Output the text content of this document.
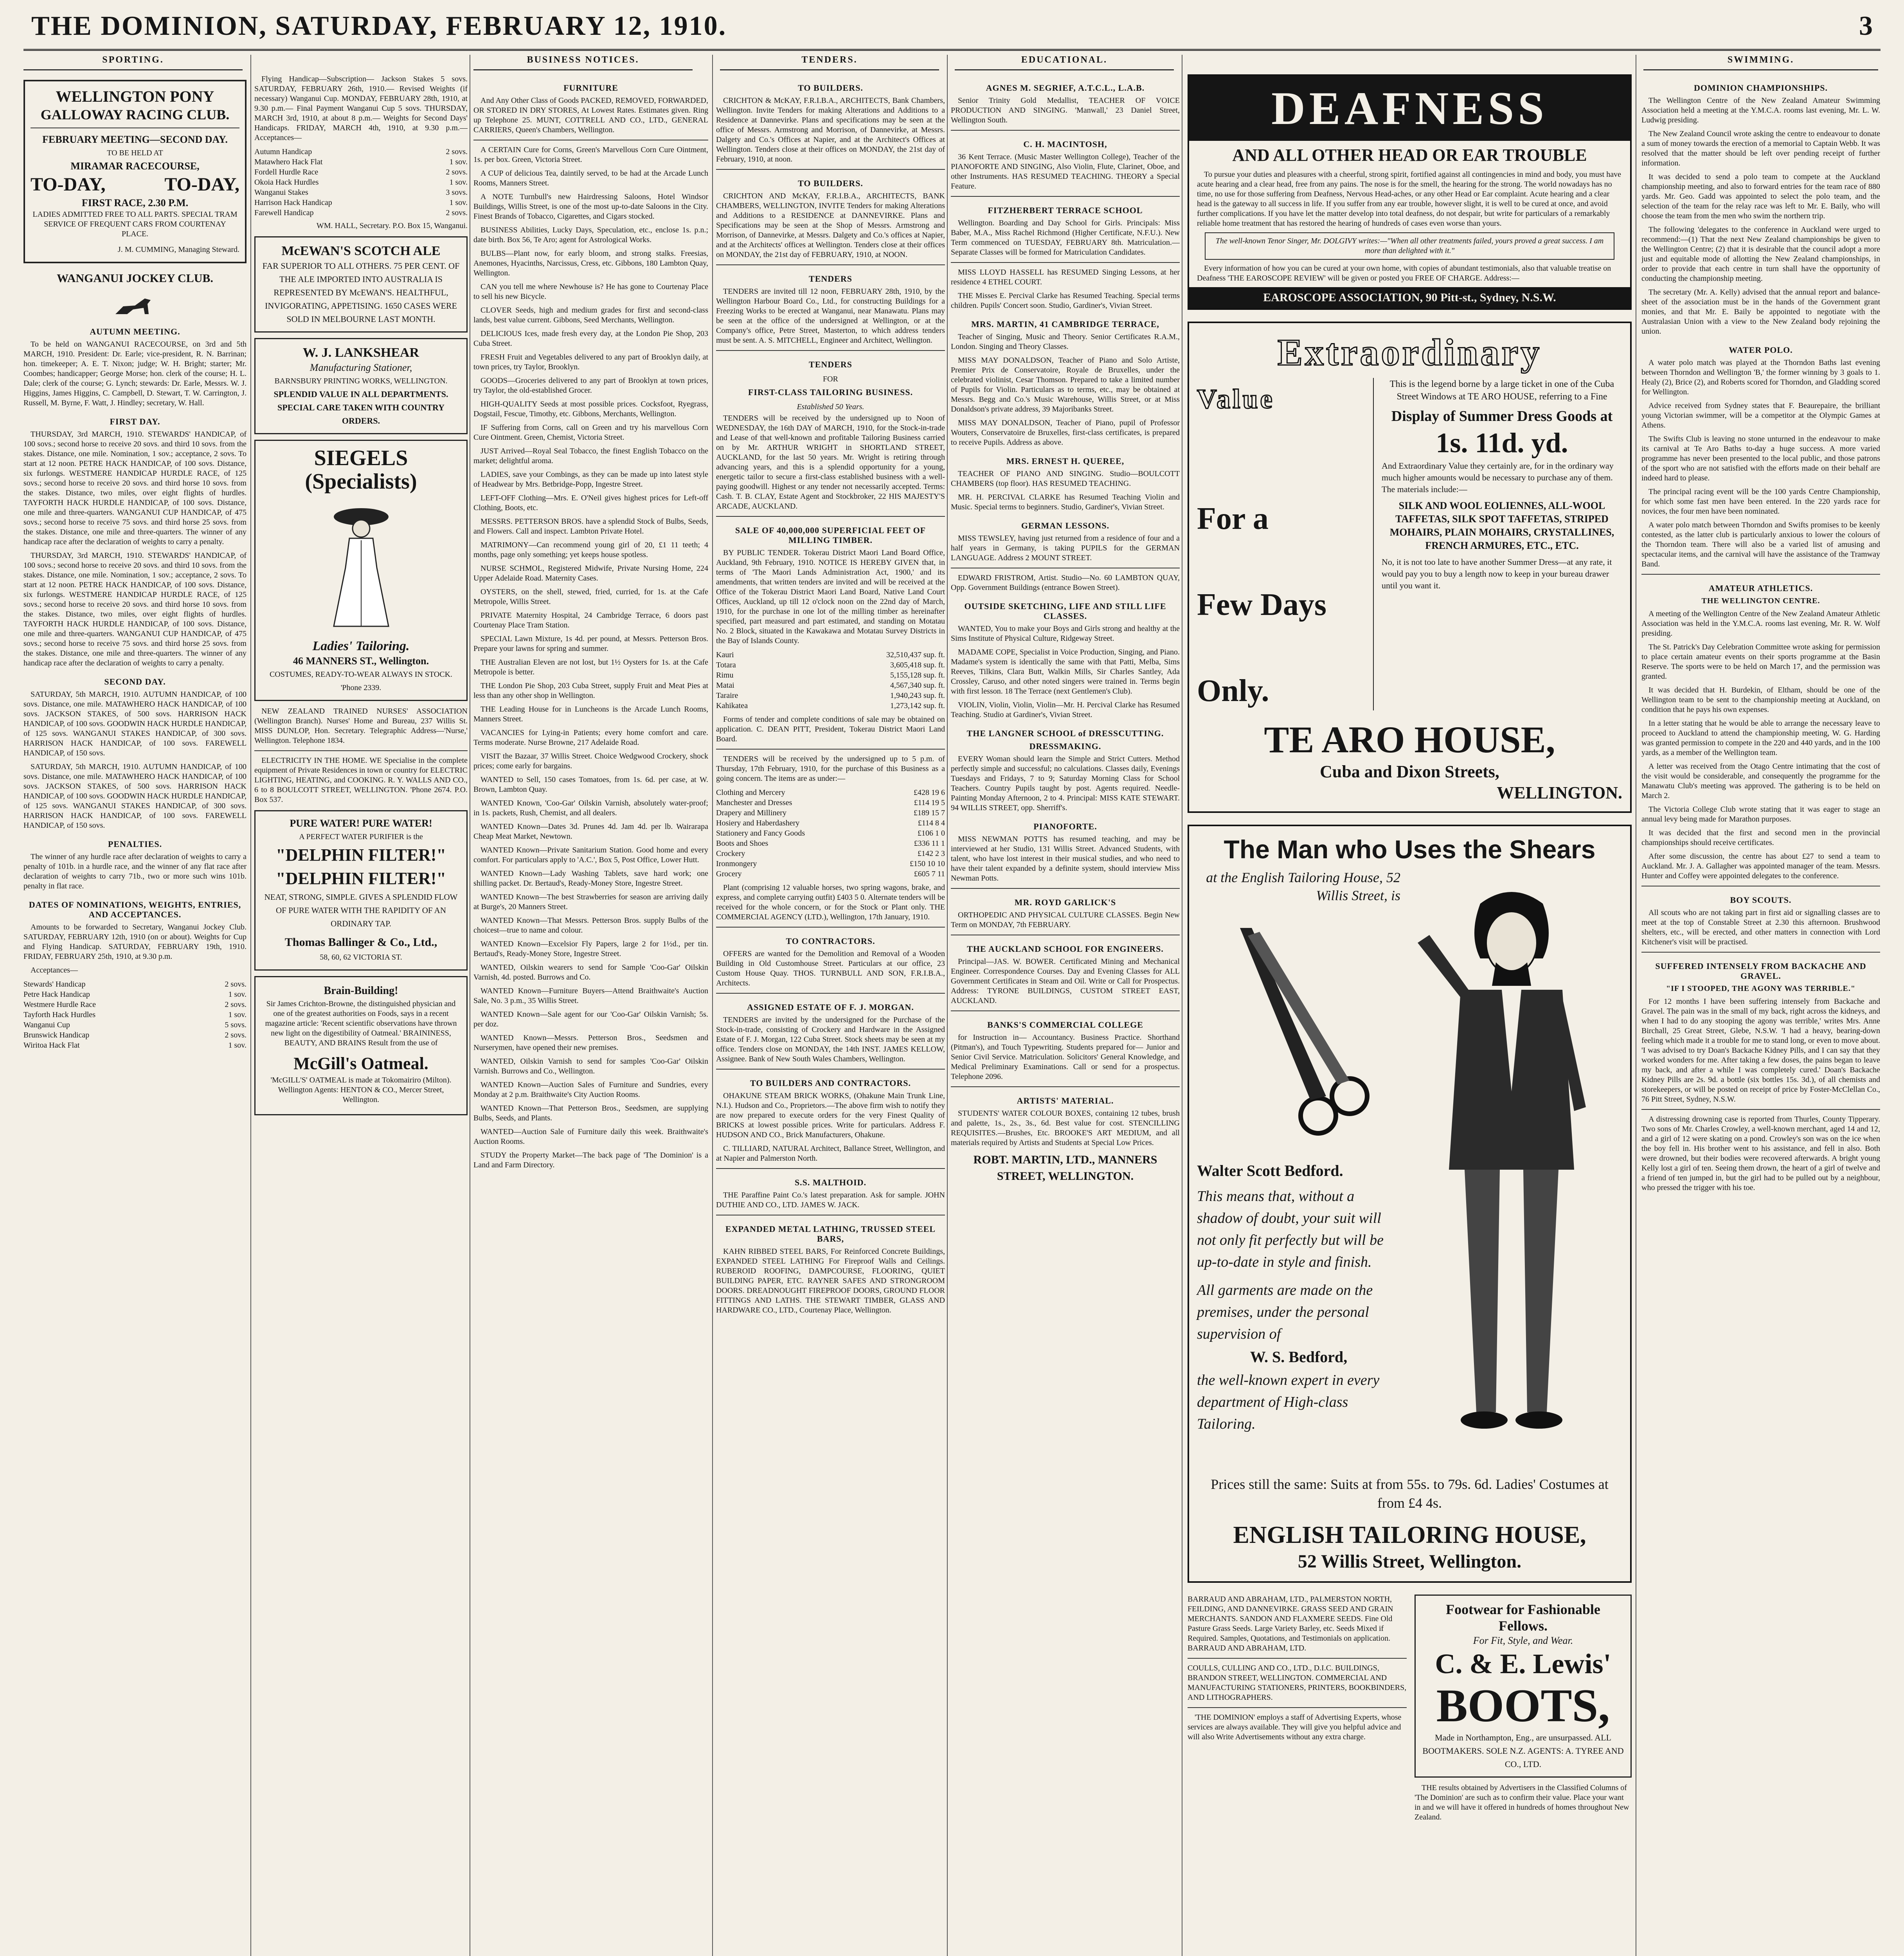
THE DOMINION, SATURDAY, FEBRUARY 12, 1910.	3
SPORTING.	BUSINESS NOTICES.	TENDERS.	EDUCATIONAL.	SWIMMING.
WELLINGTON PONY
GALLOWAY RACING CLUB.
FEBRUARY MEETING—SECOND DAY.
TO BE HELD AT
MIRAMAR RACECOURSE,
TO-DAY,	TO-DAY,
FIRST RACE, 2.30 P.M.

LADIES ADMITTED FREE TO ALL PARTS. SPECIAL TRAM SERVICE OF FREQUENT CARS FROM COURTENAY PLACE.

J. M. CUMMING, Managing Steward.
WANGANUI JOCKEY CLUB.
AUTUMN MEETING.

To be held on WANGANUI RACECOURSE, on 3rd and 5th MARCH, 1910. President: Dr. Earle; vice-president, R. N. Barrinan; hon. timekeeper; A. E. T. Nixon; judge; W. H. Bright; starter; Mr. Coombes; handicapper; George Morse; hon. clerk of the course; H. L. Dale; clerk of the course; G. Lynch; stewards: Dr. Earle, Messrs. W. J. Higgins, James Higgins, C. Campbell, D. Stewart, T. W. Carrington, J. Russell, M. Byrne, F. Watt, J. Hindley; secretary, W. Hall.

FIRST DAY.

THURSDAY, 3rd MARCH, 1910. STEWARDS' HANDICAP, of 100 sovs.; second horse to receive 20 sovs. and third 10 sovs. from the stakes. Distance, one mile. Nomination, 1 sov.; acceptance, 2 sovs. To start at 12 noon. PETRE HACK HANDICAP, of 100 sovs. Distance, six furlongs. WESTMERE HANDICAP HURDLE RACE, of 125 sovs.; second horse to receive 20 sovs. and third horse 10 sovs. from the stakes. Distance, two miles, over eight flights of hurdles. TAYFORTH HACK HURDLE HANDICAP, of 100 sovs. Distance, one mile and three-quarters. WANGANUI CUP HANDICAP, of 475 sovs.; second horse to receive 75 sovs. and third horse 25 sovs. from the stakes. Distance, one mile and three-quarters. The winner of any handicap race after the declaration of weights to carry a penalty.

THURSDAY, 3rd MARCH, 1910. STEWARDS' HANDICAP, of 100 sovs.; second horse to receive 20 sovs. and third 10 sovs. from the stakes. Distance, one mile. Nomination, 1 sov.; acceptance, 2 sovs. To start at 12 noon. PETRE HACK HANDICAP, of 100 sovs. Distance, six furlongs. WESTMERE HANDICAP HURDLE RACE, of 125 sovs.; second horse to receive 20 sovs. and third horse 10 sovs. from the stakes. Distance, two miles, over eight flights of hurdles. TAYFORTH HACK HURDLE HANDICAP, of 100 sovs. Distance, one mile and three-quarters. WANGANUI CUP HANDICAP, of 475 sovs.; second horse to receive 75 sovs. and third horse 25 sovs. from the stakes. Distance, one mile and three-quarters. The winner of any handicap race after the declaration of weights to carry a penalty.

SECOND DAY.

SATURDAY, 5th MARCH, 1910. AUTUMN HANDICAP, of 100 sovs. Distance, one mile. MATAWHERO HACK HANDICAP, of 100 sovs. JACKSON STAKES, of 500 sovs. HARRISON HACK HANDICAP, of 100 sovs. GOODWIN HACK HURDLE HANDICAP, of 125 sovs. WANGANUI STAKES HANDICAP, of 300 sovs. HARRISON HACK HANDICAP, of 100 sovs. FAREWELL HANDICAP, of 150 sovs.

SATURDAY, 5th MARCH, 1910. AUTUMN HANDICAP, of 100 sovs. Distance, one mile. MATAWHERO HACK HANDICAP, of 100 sovs. JACKSON STAKES, of 500 sovs. HARRISON HACK HANDICAP, of 100 sovs. GOODWIN HACK HURDLE HANDICAP, of 125 sovs. WANGANUI STAKES HANDICAP, of 300 sovs. HARRISON HACK HANDICAP, of 100 sovs. FAREWELL HANDICAP, of 150 sovs.

PENALTIES.

The winner of any hurdle race after declaration of weights to carry a penalty of 101b. in a hurdle race, and the winner of any flat race after declaration of weights to carry 71b., two or more such wins 101b. penalty in flat race.

DATES OF NOMINATIONS, WEIGHTS, ENTRIES, AND ACCEPTANCES.

Amounts to be forwarded to Secretary, Wanganui Jockey Club. SATURDAY, FEBRUARY 12th, 1910 (on or about). Weights for Cup and Flying Handicap. SATURDAY, FEBRUARY 19th, 1910. FRIDAY, FEBRUARY 25th, 1910, at 9.30 p.m.

Acceptances—

Stewards' Handicap	2 sovs.
Petre Hack Handicap	1 sov.
Westmere Hurdle Race	2 sovs.
Tayforth Hack Hurdles	1 sov.
Wanganui Cup	5 sovs.
Brunswick Handicap	2 sovs.
Wiritoa Hack Flat	1 sov.

Flying Handicap—Subscription— Jackson Stakes 5 sovs. SATURDAY, FEBRUARY 26th, 1910.— Revised Weights (if necessary) Wanganui Cup. MONDAY, FEBRUARY 28th, 1910, at 9.30 p.m.— Final Payment Wanganui Cup 5 sovs. THURSDAY, MARCH 3rd, 1910, at about 8 p.m.— Weights for Second Days' Handicaps. FRIDAY, MARCH 4th, 1910, at 9.30 p.m.— Acceptances—

Autumn Handicap	2 sovs.
Matawhero Hack Flat	1 sov.
Fordell Hurdle Race	2 sovs.
Okoia Hack Hurdles	1 sov.
Wanganui Stakes	3 sovs.
Harrison Hack Handicap	1 sov.
Farewell Handicap	2 sovs.

WM. HALL, Secretary. P.O. Box 15, Wanganui.

McEWAN'S SCOTCH ALE
FAR SUPERIOR TO ALL OTHERS. 75 PER CENT. OF THE ALE IMPORTED INTO AUSTRALIA IS REPRESENTED BY McEWAN'S. HEALTHFUL, INVIGORATING, APPETISING. 1650 CASES WERE SOLD IN MELBOURNE LAST MONTH.
W. J. LANKSHEAR
Manufacturing Stationer,
BARNSBURY PRINTING WORKS, WELLINGTON.
SPLENDID VALUE IN ALL DEPARTMENTS. SPECIAL CARE TAKEN WITH COUNTRY ORDERS.
SIEGELS (Specialists)
Ladies' Tailoring.
46 MANNERS ST., Wellington.
COSTUMES, READY-TO-WEAR ALWAYS IN STOCK. 'Phone 2339.

NEW ZEALAND TRAINED NURSES' ASSOCIATION (Wellington Branch). Nurses' Home and Bureau, 237 Willis St. MISS DUNLOP, Hon. Secretary. Telegraphic Address—'Nurse,' Wellington. Telephone 1834.

ELECTRICITY IN THE HOME. WE Specialise in the complete equipment of Private Residences in town or country for ELECTRIC LIGHTING, HEATING, and COOKING. R. Y. WALLS AND CO., 6 to 8 BOULCOTT STREET, WELLINGTON. 'Phone 2674. P.O. Box 537.

PURE WATER! PURE WATER!
A PERFECT WATER PURIFIER is the
"DELPHIN FILTER!"
"DELPHIN FILTER!"
NEAT, STRONG, SIMPLE. GIVES A SPLENDID FLOW OF PURE WATER WITH THE RAPIDITY OF AN ORDINARY TAP.
Thomas Ballinger & Co., Ltd.,
58, 60, 62 VICTORIA ST.
Brain-Building!

Sir James Crichton-Browne, the distinguished physician and one of the greatest authorities on Foods, says in a recent magazine article: 'Recent scientific observations have thrown new light on the digestibility of Oatmeal.' BRAININESS, BEAUTY, AND BRAINS Result from the use of

McGill's Oatmeal.

'McGILL'S' OATMEAL is made at Tokomairiro (Milton). Wellington Agents: HENTON & CO., Mercer Street, Wellington.

FURNITURE

And Any Other Class of Goods PACKED, REMOVED, FORWARDED, OR STORED IN DRY STORES, At Lowest Rates. Estimates given. Ring up Telephone 25. MUNT, COTTRELL AND CO., LTD., GENERAL CARRIERS, Queen's Chambers, Wellington.

A CERTAIN Cure for Corns, Green's Marvellous Corn Cure Ointment, 1s. per box. Green, Victoria Street.

A CUP of delicious Tea, daintily served, to be had at the Arcade Lunch Rooms, Manners Street.

A NOTE Turnbull's new Hairdressing Saloons, Hotel Windsor Buildings, Willis Street, is one of the most up-to-date Saloons in the City. Finest Brands of Tobacco, Cigarettes, and Cigars stocked.

BUSINESS Abilities, Lucky Days, Speculation, etc., enclose 1s. p.n.; date birth. Box 56, Te Aro; agent for Astrological Works.

BULBS—Plant now, for early bloom, and strong stalks. Freesias, Anemones, Hyacinths, Narcissus, Cress, etc. Gibbons, 180 Lambton Quay, Wellington.

CAN you tell me where Newhouse is? He has gone to Courtenay Place to sell his new Bicycle.

CLOVER Seeds, high and medium grades for first and second-class lands, best value current. Gibbons, Seed Merchants, Wellington.

DELICIOUS Ices, made fresh every day, at the London Pie Shop, 203 Cuba Street.

FRESH Fruit and Vegetables delivered to any part of Brooklyn daily, at town prices, try Taylor, Brooklyn.

GOODS—Groceries delivered to any part of Brooklyn at town prices, try Taylor, the old-established Grocer.

HIGH-QUALITY Seeds at most possible prices. Cocksfoot, Ryegrass, Dogstail, Fescue, Timothy, etc. Gibbons, Merchants, Wellington.

IF Suffering from Corns, call on Green and try his marvellous Corn Cure Ointment. Green, Chemist, Victoria Street.

JUST Arrived—Royal Seal Tobacco, the finest English Tobacco on the market; delightful aroma.

LADIES, save your Combings, as they can be made up into latest style of Headwear by Mrs. Betbridge-Popp, Ingestre Street.

LEFT-OFF Clothing—Mrs. E. O'Neil gives highest prices for Left-off Clothing, Boots, etc.

MESSRS. PETTERSON BROS. have a splendid Stock of Bulbs, Seeds, and Flowers. Call and inspect. Lambton Private Hotel.

MATRIMONY—Can recommend young girl of 20, £1 11 teeth; 4 months, page only something; yet keeps house spotless.

NURSE SCHMOL, Registered Midwife, Private Nursing Home, 224 Upper Adelaide Road. Maternity Cases.

OYSTERS, on the shell, stewed, fried, curried, for 1s. at the Cafe Metropole, Willis Street.

PRIVATE Maternity Hospital, 24 Cambridge Terrace, 6 doors past Courtenay Place Tram Station.

SPECIAL Lawn Mixture, 1s 4d. per pound, at Messrs. Petterson Bros. Prepare your lawns for spring and summer.

THE Australian Eleven are not lost, but 1½ Oysters for 1s. at the Cafe Metropole is better.

THE London Pie Shop, 203 Cuba Street, supply Fruit and Meat Pies at less than any other shop in Wellington.

THE Leading House for in Luncheons is the Arcade Lunch Rooms, Manners Street.

VACANCIES for Lying-in Patients; every home comfort and care. Terms moderate. Nurse Browne, 217 Adelaide Road.

VISIT the Bazaar, 37 Willis Street. Choice Wedgwood Crockery, shock prices; come early for bargains.

WANTED to Sell, 150 cases Tomatoes, from 1s. 6d. per case, at W. Brown, Lambton Quay.

WANTED Known, 'Coo-Gar' Oilskin Varnish, absolutely water-proof; in 1s. packets, Rush, Chemist, and all dealers.

WANTED Known—Dates 3d. Prunes 4d. Jam 4d. per lb. Wairarapa Cheap Meat Market, Newtown.

WANTED Known—Private Sanitarium Station. Good home and every comfort. For particulars apply to 'A.C.', Box 5, Post Office, Lower Hutt.

WANTED Known—Lady Washing Tablets, save hard work; one shilling packet. Dr. Bertaud's, Ready-Money Store, Ingestre Street.

WANTED Known—The best Strawberries for season are arriving daily at Burge's, 20 Manners Street.

WANTED Known—That Messrs. Petterson Bros. supply Bulbs of the choicest—true to name and colour.

WANTED Known—Excelsior Fly Papers, large 2 for 1½d., per tin. Bertaud's, Ready-Money Store, Ingestre Street.

WANTED, Oilskin wearers to send for Sample 'Coo-Gar' Oilskin Varnish, 4d. posted. Burrows and Co.

WANTED Known—Furniture Buyers—Attend Braithwaite's Auction Sale, No. 3 p.m., 35 Willis Street.

WANTED Known—Sale agent for our 'Coo-Gar' Oilskin Varnish; 5s. per doz.

WANTED Known—Messrs. Petterson Bros., Seedsmen and Nurserymen, have opened their new premises.

WANTED, Oilskin Varnish to send for samples 'Coo-Gar' Oilskin Varnish. Burrows and Co., Wellington.

WANTED Known—Auction Sales of Furniture and Sundries, every Monday at 2 p.m. Braithwaite's City Auction Rooms.

WANTED Known—That Petterson Bros., Seedsmen, are supplying Bulbs, Seeds, and Plants.

WANTED—Auction Sale of Furniture daily this week. Braithwaite's Auction Rooms.

STUDY the Property Market—The back page of 'The Dominion' is a Land and Farm Directory.

TO BUILDERS.

CRICHTON & McKAY, F.R.I.B.A., ARCHITECTS, Bank Chambers, Wellington. Invite Tenders for making Alterations and Additions to a Residence at Dannevirke. Plans and specifications may be seen at the office of Messrs. Armstrong and Morrison, of Dannevirke, at Messrs. Dalgety and Co.'s Offices at Napier, and at the Architect's Offices at Wellington. Tenders close at their offices on MONDAY, the 21st day of February, 1910, at noon.

TO BUILDERS.

CRICHTON AND McKAY, F.R.I.B.A., ARCHITECTS, BANK CHAMBERS, WELLINGTON, INVITE Tenders for making Alterations and Additions to a RESIDENCE at DANNEVIRKE. Plans and Specifications may be seen at the Shop of Messrs. Armstrong and Morrison, of Dannevirke, at Messrs. Dalgety and Co.'s offices at Napier, and at the Architects' offices at Wellington. Tenders close at their offices on MONDAY, the 21st day of FEBRUARY, 1910, at NOON.

TENDERS

TENDERS are invited till 12 noon, FEBRUARY 28th, 1910, by the Wellington Harbour Board Co., Ltd., for constructing Buildings for a Freezing Works to be erected at Wanganui, near Manawatu. Plans may be seen at the office of the undersigned at Wellington, or at the Company's office, Petre Street, Masterton, to which address tenders must be sent. A. S. MITCHELL, Engineer and Architect, Wellington.

TENDERS
FOR
FIRST-CLASS TAILORING BUSINESS.
Established 50 Years.

TENDERS will be received by the undersigned up to Noon of WEDNESDAY, the 16th DAY of MARCH, 1910, for the Stock-in-trade and Lease of that well-known and profitable Tailoring Business carried on by Mr. ARTHUR WRIGHT in SHORTLAND STREET, AUCKLAND, for the last 50 years. Mr. Wright is retiring through advancing years, and this is a splendid opportunity for a young, energetic tailor to secure a first-class established business with a well-paying goodwill. Highest or any tender not necessarily accepted. Terms: Cash. T. B. CLAY, Estate Agent and Stockbroker, 22 HIS MAJESTY'S ARCADE, AUCKLAND.

SALE OF 40,000,000 SUPERFICIAL FEET OF MILLING TIMBER.

BY PUBLIC TENDER. Tokerau District Maori Land Board Office, Auckland, 9th February, 1910. NOTICE IS HEREBY GIVEN that, in terms of 'The Maori Lands Administration Act, 1900,' and its amendments, that written tenders are invited and will be received at the Office of the Tokerau District Maori Land Board, Native Land Court Offices, Auckland, up till 12 o'clock noon on the 22nd day of March, 1910, for the purchase in one lot of the milling timber as hereinafter specified, part measured and part estimated, and standing on Motatau No. 2 Block, situated in the Kawakawa and Motatau Survey Districts in the Bay of Islands County.

Kauri	32,510,437 sup. ft.
Totara	3,605,418 sup. ft.
Rimu	5,155,128 sup. ft.
Matai	4,567,340 sup. ft.
Taraire	1,940,243 sup. ft.
Kahikatea	1,273,142 sup. ft.

Forms of tender and complete conditions of sale may be obtained on application. C. DEAN PITT, President, Tokerau District Maori Land Board.

TENDERS will be received by the undersigned up to 5 p.m. of Thursday, 17th February, 1910, for the purchase of this Business as a going concern. The items are as under:—

Clothing and Mercery	£428 19 6
Manchester and Dresses	£114 19 5
Drapery and Millinery	£189 15 7
Hosiery and Haberdashery	£114 8 4
Stationery and Fancy Goods	£106 1 0
Boots and Shoes	£336 11 1
Crockery	£142 2 3
Ironmongery	£150 10 10
Grocery	£605 7 11

Plant (comprising 12 valuable horses, two spring wagons, brake, and express, and complete carrying outfit) £403 5 0. Alternate tenders will be received for the whole concern, or for the Stock or Plant only. THE COMMERCIAL AGENCY (LTD.), Wellington, 17th January, 1910.

TO CONTRACTORS.

OFFERS are wanted for the Demolition and Removal of a Wooden Building in Old Customhouse Street. Particulars at our office, 23 Custom House Quay. THOS. TURNBULL AND SON, F.R.I.B.A., Architects.

ASSIGNED ESTATE OF F. J. MORGAN.

TENDERS are invited by the undersigned for the Purchase of the Stock-in-trade, consisting of Crockery and Hardware in the Assigned Estate of F. J. Morgan, 122 Cuba Street. Stock sheets may be seen at my office. Tenders close on MONDAY, the 14th INST. JAMES KELLOW, Assignee. Bank of New South Wales Chambers, Wellington.

TO BUILDERS AND CONTRACTORS.

OHAKUNE STEAM BRICK WORKS, (Ohakune Main Trunk Line, N.I.). Hudson and Co., Proprietors.—The above firm wish to notify they are now prepared to execute orders for the very Finest Quality of BRICKS at lowest possible prices. Write for particulars. Address F. HUDSON AND CO., Brick Manufacturers, Ohakune.

C. TILLIARD, NATURAL Architect, Ballance Street, Wellington, and at Napier and Palmerston North.

S.S. MALTHOID.

THE Paraffine Paint Co.'s latest preparation. Ask for sample. JOHN DUTHIE AND CO., LTD. JAMES W. JACK.

EXPANDED METAL LATHING, TRUSSED STEEL BARS,

KAHN RIBBED STEEL BARS, For Reinforced Concrete Buildings, EXPANDED STEEL LATHING For Fireproof Walls and Ceilings. RUBEROID ROOFING, DAMPCOURSE, FLOORING, QUIET BUILDING PAPER, ETC. RAYNER SAFES AND STRONGROOM DOORS. DREADNOUGHT FIREPROOF DOORS, GROUND FLOOR FITTINGS AND LATHS. THE STEWART TIMBER, GLASS AND HARDWARE CO., LTD., Courtenay Place, Wellington.

AGNES M. SEGRIEF, A.T.C.L., L.A.B.

Senior Trinity Gold Medallist, TEACHER OF VOICE PRODUCTION AND SINGING. 'Manwall,' 23 Daniel Street, Wellington South.

C. H. MACINTOSH,

36 Kent Terrace. (Music Master Wellington College), Teacher of the PIANOFORTE AND SINGING, Also Violin, Flute, Clarinet, Oboe, and other Instruments. HAS RESUMED TEACHING. THEORY a Special Feature.

FITZHERBERT TERRACE SCHOOL

Wellington. Boarding and Day School for Girls. Principals: Miss Baber, M.A., Miss Rachel Richmond (Higher Certificate, N.F.U.). New Term commenced on TUESDAY, FEBRUARY 8th. Matriculation.—Separate Classes will be formed for Matriculation Candidates.

MISS LLOYD HASSELL has RESUMED Singing Lessons, at her residence 4 ETHEL COURT.

THE Misses E. Percival Clarke has Resumed Teaching. Special terms children. Pupils' Concert soon. Studio, Gardiner's, Vivian Street.

MRS. MARTIN, 41 CAMBRIDGE TERRACE,

Teacher of Singing, Music and Theory. Senior Certificates R.A.M., London. Singing and Theory Classes.

MISS MAY DONALDSON, Teacher of Piano and Solo Artiste, Premier Prix de Conservatoire, Royale de Bruxelles, under the celebrated violinist, Cesar Thomson. Prepared to take a limited number of Pupils for Violin. Particulars as to terms, etc., may be obtained at Messrs. Begg and Co.'s Music Warehouse, Willis Street, or at Miss Donaldson's private address, 39 Majoribanks Street.

MISS MAY DONALDSON, Teacher of Piano, pupil of Professor Wouters, Conservatoire de Bruxelles, first-class certificates, is prepared to receive Pupils. Address as above.

MRS. ERNEST H. QUEREE,

TEACHER OF PIANO AND SINGING. Studio—BOULCOTT CHAMBERS (top floor). HAS RESUMED TEACHING.

MR. H. PERCIVAL CLARKE has Resumed Teaching Violin and Music. Special terms to beginners. Studio, Gardiner's, Vivian Street.

GERMAN LESSONS.

MISS TEWSLEY, having just returned from a residence of four and a half years in Germany, is taking PUPILS for the GERMAN LANGUAGE. Address 2 MOUNT STREET.

EDWARD FRISTROM, Artist. Studio—No. 60 LAMBTON QUAY, Opp. Government Buildings (entrance Bowen Street).

OUTSIDE SKETCHING, LIFE AND STILL LIFE CLASSES.

WANTED, You to make your Boys and Girls strong and healthy at the Sims Institute of Physical Culture, Ridgeway Street.

MADAME COPE, Specialist in Voice Production, Singing, and Piano. Madame's system is identically the same with that Patti, Melba, Sims Reeves, Tilkins, Clara Butt, Walkin Mills, Sir Charles Santley, Ada Crossley, Caruso, and other noted singers were trained in. Terms begin with first lesson. 18 The Terrace (next Gentlemen's Club).

VIOLIN, Violin, Violin, Violin—Mr. H. Percival Clarke has Resumed Teaching. Studio at Gardiner's, Vivian Street.

THE LANGNER SCHOOL of DRESSCUTTING.
DRESSMAKING.

EVERY Woman should learn the Simple and Strict Cutters. Method perfectly simple and successful; no calculations. Classes daily, Evenings Tuesdays and Fridays, 7 to 9; Saturday Morning Class for School Teachers. Country Pupils taught by post. Agents required. Needle-Painting Monday Afternoon, 2 to 4. Principal: MISS KATE STEWART. 94 WILLIS STREET, opp. Sherriff's.

PIANOFORTE.

MISS NEWMAN POTTS has resumed teaching, and may be interviewed at her Studio, 131 Willis Street. Advanced Students, with talent, who have lost interest in their musical studies, and who need to have their talent expanded by a definite system, should interview Miss Newman Potts.

MR. ROYD GARLICK'S

ORTHOPEDIC AND PHYSICAL CULTURE CLASSES. Begin New Term on MONDAY, 7th FEBRUARY.

THE AUCKLAND SCHOOL FOR ENGINEERS.

Principal—JAS. W. BOWER. Certificated Mining and Mechanical Engineer. Correspondence Courses. Day and Evening Classes for ALL Government Certificates in Steam and Oil. Write or Call for Prospectus. Address: TYRONE BUILDINGS, CUSTOM STREET EAST, AUCKLAND.

BANKS'S COMMERCIAL COLLEGE

for Instruction in— Accountancy. Business Practice. Shorthand (Pitman's), and Touch Typewriting. Students prepared for— Junior and Senior Civil Service. Matriculation. Solicitors' General Knowledge, and Medical Preliminary Examinations. Call or send for a prospectus. Telephone 2096.

ARTISTS' MATERIAL.

STUDENTS' WATER COLOUR BOXES, containing 12 tubes, brush and palette, 1s., 2s., 3s., 6d. Best value for cost. STENCILLING REQUISITES.—Brushes, Etc. BROOKE'S ART MEDIUM, and all materials required by Artists and Students at Special Low Prices.

ROBT. MARTIN, LTD., MANNERS STREET, WELLINGTON.
DEAFNESS
AND ALL OTHER HEAD OR EAR TROUBLE

To pursue your duties and pleasures with a cheerful, strong spirit, fortified against all contingencies in mind and body, you must have acute hearing and a clear head, free from any pains. The nose is for the smell, the hearing for the strong. The world nowadays has no time, no use for those suffering from Deafness, Nervous Head-aches, or any other Head or Ear complaint. Acute hearing and a clear head is the gateway to all success in life. If you suffer from any ear trouble, however slight, it is well to be cured at once, and avoid further complications. If you have let the matter develop into total deafness, do not despair, but write for particulars of a remarkably reliable home treatment that has restored the hearing of hundreds of cases even worse than yours.

The well-known Tenor Singer, Mr. DOLGIVY writes:—"When all other treatments failed, yours proved a great success. I am more than delighted with it."

Every information of how you can be cured at your own home, with copies of abundant testimonials, also that valuable treatise on Deafness 'THE EAROSCOPE REVIEW' will be given or posted you FREE OF CHARGE. Address:—

EAROSCOPE ASSOCIATION, 90 Pitt-st., Sydney, N.S.W.
Extraordinary
Value
For a
Few Days
Only.

This is the legend borne by a large ticket in one of the Cuba Street Windows at TE ARO HOUSE, referring to a Fine

Display of Summer Dress Goods at
1s. 11d. yd.

And Extraordinary Value they certainly are, for in the ordinary way much higher amounts would be necessary to purchase any of them. The materials include:—

SILK AND WOOL EOLIENNES, ALL-WOOL TAFFETAS, SILK SPOT TAFFETAS, STRIPED MOHAIRS, PLAIN MOHAIRS, CRYSTALLINES, FRENCH ARMURES, ETC., ETC.

No, it is not too late to have another Summer Dress—at any rate, it would pay you to buy a length now to keep in your bureau drawer until you want it.

TE ARO HOUSE,
Cuba and Dixon Streets,
WELLINGTON.
The Man who Uses the Shears
at the English Tailoring House, 52 Willis Street, is
Walter Scott Bedford.

This means that, without a shadow of doubt, your suit will not only fit perfectly but will be up-to-date in style and finish.

All garments are made on the premises, under the personal supervision of

W. S. Bedford,

the well-known expert in every department of High-class Tailoring.

Prices still the same: Suits at from 55s. to 79s. 6d. Ladies' Costumes at from £4 4s.
ENGLISH TAILORING HOUSE,
52 Willis Street, Wellington.

BARRAUD AND ABRAHAM, LTD., PALMERSTON NORTH, FEILDING, AND DANNEVIRKE. GRASS SEED AND GRAIN MERCHANTS. SANDON AND FLAXMERE SEEDS. Fine Old Pasture Grass Seeds. Large Variety Barley, etc. Seeds Mixed if Required. Samples, Quotations, and Testimonials on application. BARRAUD AND ABRAHAM, LTD.

COULLS, CULLING AND CO., LTD., D.I.C. BUILDINGS, BRANDON STREET, WELLINGTON. COMMERCIAL AND MANUFACTURING STATIONERS, PRINTERS, BOOKBINDERS, AND LITHOGRAPHERS.

'THE DOMINION' employs a staff of Advertising Experts, whose services are always available. They will give you helpful advice and will also Write Advertisements without any extra charge.

Footwear for Fashionable Fellows.
For Fit, Style, and Wear.
C. & E. Lewis'
BOOTS,
Made in Northampton, Eng., are unsurpassed. ALL BOOTMAKERS. SOLE N.Z. AGENTS: A. TYREE AND CO., LTD.

THE results obtained by Advertisers in the Classified Columns of 'The Dominion' are such as to confirm their value. Place your want in and we will have it offered in hundreds of homes throughout New Zealand.

DOMINION CHAMPIONSHIPS.

The Wellington Centre of the New Zealand Amateur Swimming Association held a meeting at the Y.M.C.A. rooms last evening, Mr. L. W. Ludwig presiding.

The New Zealand Council wrote asking the centre to endeavour to donate a sum of money towards the erection of a memorial to Captain Webb. It was resolved that the matter should be left over pending receipt of further information.

It was decided to send a polo team to compete at the Auckland championship meeting, and also to forward entries for the team race of 880 yards. Mr. Geo. Gadd was appointed to select the polo team, and the selection of the team for the relay race was left to Mr. E. Baily, who will choose the team from the men who swim the northern trip.

The following 'delegates to the conference in Auckland were urged to recommend:—(1) That the next New Zealand championships be given to the Wellington Centre; (2) that it is desirable that the council adopt a more just and equitable mode of allotting the New Zealand championships, in order to provide that each centre in turn shall have the opportunity of conducting the championship meeting.

The secretary (Mr. A. Kelly) advised that the annual report and balance-sheet of the association must be in the hands of the Government grant monies, and that Mr. E. Baily be appointed to negotiate with the Australasian Union with a view to the New Zealand body rejoining the union.

WATER POLO.

A water polo match was played at the Thorndon Baths last evening between Thorndon and Wellington 'B,' the former winning by 3 goals to 1. Healy (2), Brice (2), and Roberts scored for Thorndon, and Gladding scored for Wellington.

Advice received from Sydney states that F. Beaurepaire, the brilliant young Victorian swimmer, will be a competitor at the Olympic Games at Athens.

The Swifts Club is leaving no stone unturned in the endeavour to make its carnival at Te Aro Baths to-day a huge success. A more varied programme has never been presented to the local public, and those patrons of the sport who are not satisfied with the efforts made on their behalf are indeed hard to please.

The principal racing event will be the 100 yards Centre Championship, for which some fast men have been entered. In the 220 yards race for novices, the four men have been nominated.

A water polo match between Thorndon and Swifts promises to be keenly contested, as the latter club is particularly anxious to lower the colours of the Thorndon team. There will also be a varied list of amusing and spectacular items, and the carnival will have the assistance of the Tramway Band.

AMATEUR ATHLETICS.
THE WELLINGTON CENTRE.

A meeting of the Wellington Centre of the New Zealand Amateur Athletic Association was held in the Y.M.C.A. rooms last evening, Mr. R. W. Wolf presiding.

The St. Patrick's Day Celebration Committee wrote asking for permission to place certain amateur events on their sports programme at the Basin Reserve. The sports were to be held on March 17, and the permission was granted.

It was decided that H. Burdekin, of Eltham, should be one of the Wellington team to be sent to the championship meeting at Auckland, on condition that he pays his own expenses.

In a letter stating that he would be able to arrange the necessary leave to proceed to Auckland to attend the championship meeting, W. G. Harding was granted permission to compete in the 220 and 440 yards, and in the 100 yards, as a member of the Wellington team.

A letter was received from the Otago Centre intimating that the cost of the visit would be considerable, and consequently the programme for the Manawatu Club's meeting was approved. The gathering is to be held on March 2.

The Victoria College Club wrote stating that it was eager to stage an annual levy being made for Marathon purposes.

It was decided that the first and second men in the provincial championships should receive certificates.

After some discussion, the centre has about £27 to send a team to Auckland. Mr. J. A. Gallagher was appointed manager of the team. Messrs. Hunter and Coffey were appointed delegates to the conference.

BOY SCOUTS.

All scouts who are not taking part in first aid or signalling classes are to meet at the top of Constable Street at 2.30 this afternoon. Brushwood shelters, etc., will be erected, and other matters in connection with Lord Kitchener's visit will be practised.

SUFFERED INTENSELY FROM BACKACHE AND GRAVEL.
"IF I STOOPED, THE AGONY WAS TERRIBLE."

For 12 months I have been suffering intensely from Backache and Gravel. The pain was in the small of my back, right across the kidneys, and when I had to do any stooping the agony was terrible,' writes Mrs. Anne Birchall, 25 Great Street, Glebe, N.S.W. 'I had a heavy, bearing-down feeling which made it a trouble for me to stand long, or even to move about. 'I was advised to try Doan's Backache Kidney Pills, and I can say that they worked wonders for me. After taking a few doses, the pains began to leave my back, and after a while I was completely cured.' Doan's Backache Kidney Pills are 2s. 9d. a bottle (six bottles 15s. 3d.), of all chemists and storekeepers, or will be posted on receipt of price by Foster-McClellan Co., 76 Pitt Street, Sydney, N.S.W.

A distressing drowning case is reported from Thurles, County Tipperary. Two sons of Mr. Charles Crowley, a well-known merchant, aged 14 and 12, and a girl of 12 were skating on a pond. Crowley's son was on the ice when the boy fell in. His brother went to his assistance, and fell in also. Both were drowned, but their bodies were recovered afterwards. A bright young Kelly lost a girl of ten. Seeing them drown, the heart of a girl of twelve and a friend of ten jumped in, but the girl had to be pulled out by a neighbour, who pressed the trigger with his toe.
